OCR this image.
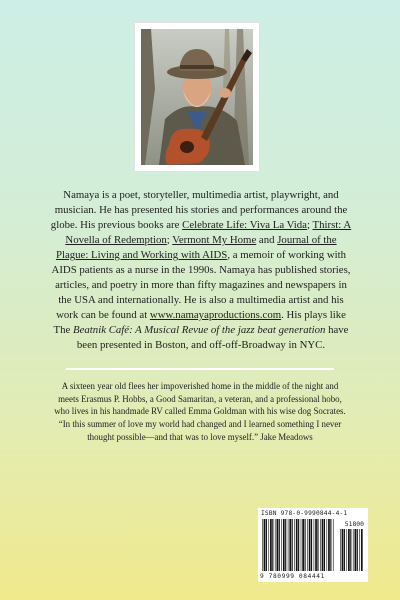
Namaya is a poet, storyteller, multimedia artist, playwright, and musician. He has presented his stories and performances around the globe. His previous books are Celebrate Life: Viva La Vida; Thirst: A Novella of Redemption; Vermont My Home and Journal of the Plague: Living and Working with AIDS, a memoir of working with AIDS patients as a nurse in the 1990s. Namaya has published stories, articles, and poetry in more than fifty magazines and newspapers in the USA and internationally. He is also a multimedia artist and his work can be found at www.namayaproductions.com. His plays like The Beatnik Café: A Musical Revue of the jazz beat generation have been presented in Boston, and off-off-Broadway in NYC.

A sixteen year old flees her impoverished home in the middle of the night and meets Erasmus P. Hobbs, a Good Samaritan, a veteran, and a professional hobo, who lives in his handmade RV called Emma Goldman with his wise dog Socrates. “In this summer of love my world had changed and I learned something I never thought possible—and that was to love myself.” Jake Meadows

ISBN 978-0-9990844-4-1
51800
9 780999 084441
